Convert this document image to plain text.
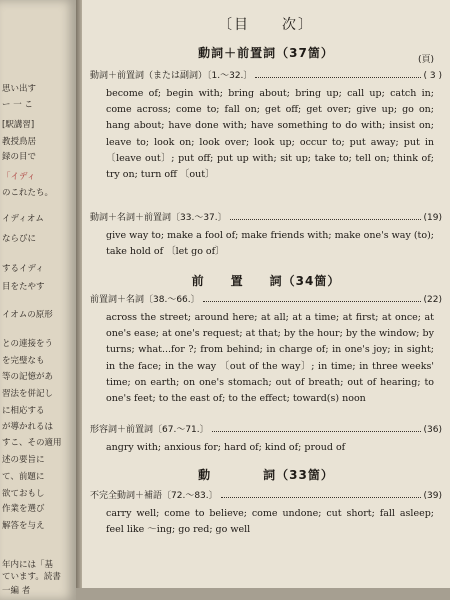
思い出す
ー 一 こ
[駅講習]
教授鳥居
録の目で
「イディ
のこれたち。
イディオム
ならびに
するイディ
目をたやす
イオムの原形
との連接をう
を完璧なも
等の記憶があ
習法を併記し
に相応する
が導かれるは
すこ、その適用
述の要旨に
て、前題に
欲ておもし
作業を選び
解答を与え
年内には「基
ています。読書
一編 者
〔目　　次〕
動詞＋前置詞（37箇）	(頁)
動詞＋前置詞（または副詞）〔1.〜32.〕	( 3 )
become of; begin with; bring about; bring up; call up; catch in; come across; come to; fall on; get off; get over; give up; go on; hang about; have done with; have something to do with; insist on; leave to; look on; look over; look up; occur to; put away; put in 〔leave out〕; put off; put up with; sit up; take to; tell on; think of; try on; turn off 〔out〕
動詞＋名詞＋前置詞〔33.〜37.〕	(19)
give way to; make a fool of; make friends with; make one's way (to); take hold of 〔let go of〕
前　　置　　詞（34箇）
前置詞＋名詞〔38.〜66.〕	(22)
across the street; around here; at all; at a time; at first; at once; at one's ease; at one's request; at that; by the hour; by the window; by turns; what...for ?; from behind; in charge of; in one's joy; in sight; in the face; in the way 〔out of the way〕; in time; in three weeks' time; on earth; on one's stomach; out of breath; out of hearing; to one's feet; to the east of; to the effect; toward(s) noon
形容詞＋前置詞〔67.〜71.〕	(36)
angry with; anxious for; hard of; kind of; proud of
動　　　　詞（33箇）
不完全動詞＋補語〔72.〜83.〕	(39)
carry well; come to believe; come undone; cut short; fall asleep; feel like 〜ing; go red; go well
